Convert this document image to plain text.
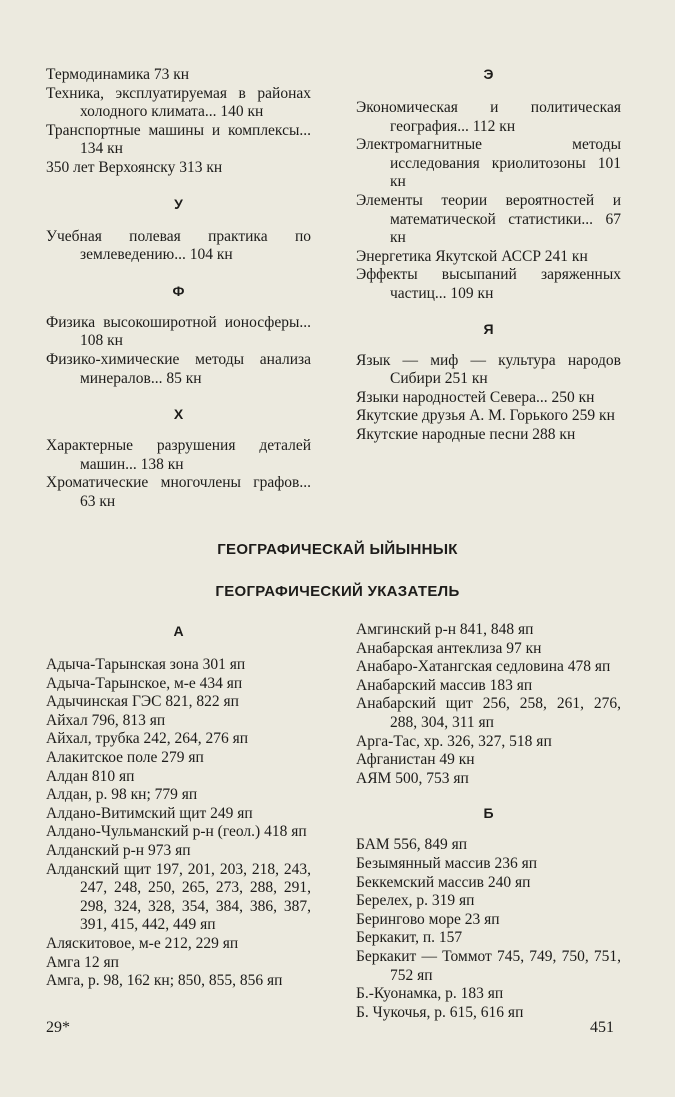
Термодинамика 73 кн

Техника, эксплуатируемая в районах холодного климата... 140 кн

Транспортные машины и комплексы... 134 кн

350 лет Верхоянску 313 кн

У

Учебная полевая практика по землеведению... 104 кн

Ф

Физика высокоширотной ионосферы... 108 кн

Физико-химические методы анализа минералов... 85 кн

Х

Характерные разрушения деталей машин... 138 кн

Хроматические многочлены графов... 63 кн

Э

Экономическая и политическая география... 112 кн

Электромагнитные методы исследования криолитозоны 101 кн

Элементы теории вероятностей и математической статистики... 67 кн

Энергетика Якутской АССР 241 кн

Эффекты высыпаний заряженных частиц... 109 кн

Я

Язык — миф — культура народов Сибири 251 кн

Языки народностей Севера... 250 кн

Якутские друзья А. М. Горького 259 кн

Якутские народные песни 288 кн

ГЕОГРАФИЧЕСКАЙ ЫЙЫННЬІК
ГЕОГРАФИЧЕСКИЙ УКАЗАТЕЛЬ
А

Адыча-Тарынская зона 301 яп

Адыча-Тарынское, м-е 434 яп

Адычинская ГЭС 821, 822 яп

Айхал 796, 813 яп

Айхал, трубка 242, 264, 276 яп

Алакитское поле 279 яп

Алдан 810 яп

Алдан, р. 98 кн; 779 яп

Алдано-Витимский щит 249 яп

Алдано-Чульманский р-н (геол.) 418 яп

Алданский р-н 973 яп

Алданский щит 197, 201, 203, 218, 243, 247, 248, 250, 265, 273, 288, 291, 298, 324, 328, 354, 384, 386, 387, 391, 415, 442, 449 яп

Аляскитовое, м-е 212, 229 яп

Амга 12 яп

Амга, р. 98, 162 кн; 850, 855, 856 яп

Амгинский р-н 841, 848 яп

Анабарская антеклиза 97 кн

Анабаро-Хатангская седловина 478 яп

Анабарский массив 183 яп

Анабарский щит 256, 258, 261, 276, 288, 304, 311 яп

Арга-Тас, хр. 326, 327, 518 яп

Афганистан 49 кн

АЯМ 500, 753 яп

Б

БАМ 556, 849 яп

Безымянный массив 236 яп

Беккемский массив 240 яп

Берелех, р. 319 яп

Берингово море 23 яп

Беркакит, п. 157

Беркакит — Томмот 745, 749, 750, 751, 752 яп

Б.-Куонамка, р. 183 яп

Б. Чукочья, р. 615, 616 яп

29*	451
